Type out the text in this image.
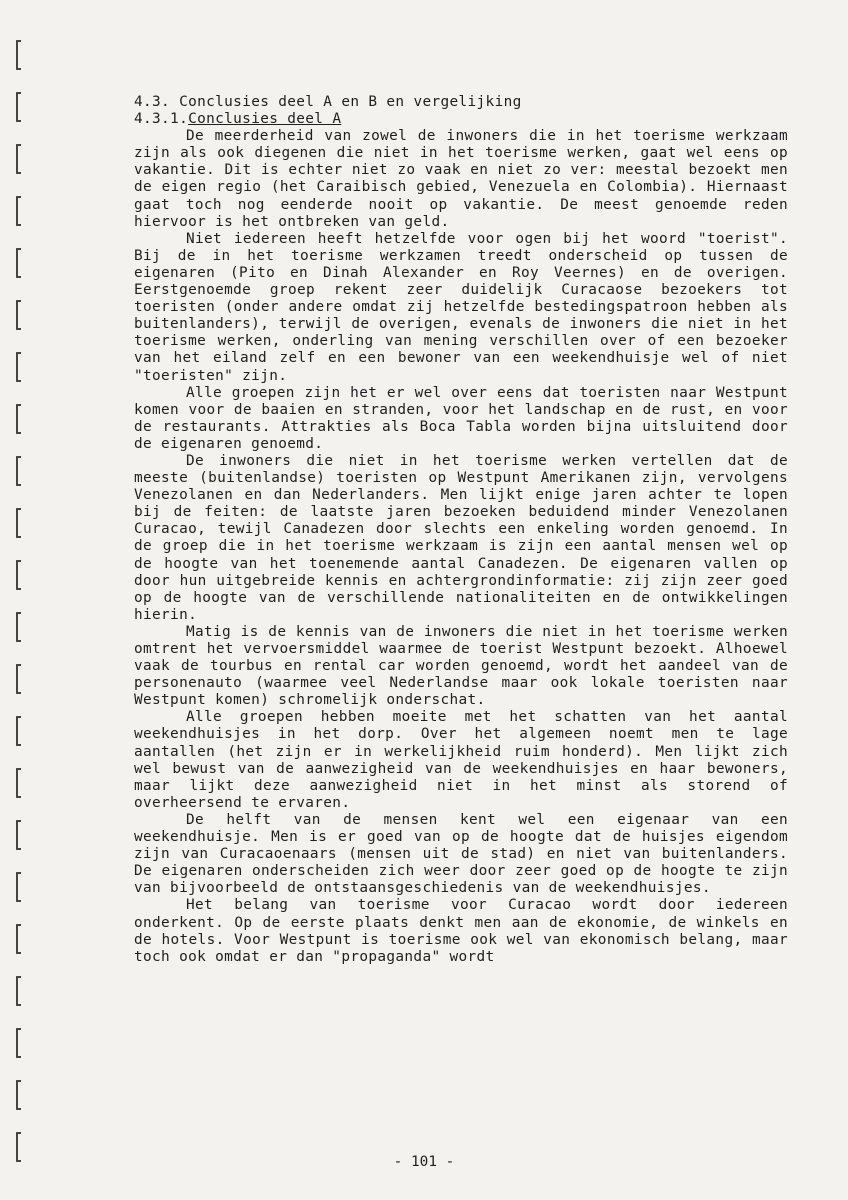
4.3. Conclusies deel A en B en vergelijking
4.3.1.Conclusies deel A

De meerderheid van zowel de inwoners die in het toerisme werkzaam zijn als ook diegenen die niet in het toerisme werken, gaat wel eens op vakantie. Dit is echter niet zo vaak en niet zo ver: meestal bezoekt men de eigen regio (het Caraibisch gebied, Venezuela en Colombia). Hiernaast gaat toch nog eenderde nooit op vakantie. De meest genoemde reden hiervoor is het ontbreken van geld.

Niet iedereen heeft hetzelfde voor ogen bij het woord "toerist". Bij de in het toerisme werkzamen treedt onderscheid op tussen de eigenaren (Pito en Dinah Alexander en Roy Veernes) en de overigen. Eerstgenoemde groep rekent zeer duidelijk Curacaose bezoekers tot toeristen (onder andere omdat zij hetzelfde bestedingspatroon hebben als buitenlanders), terwijl de overigen, evenals de inwoners die niet in het toerisme werken, onderling van mening verschillen over of een bezoeker van het eiland zelf en een bewoner van een weekendhuisje wel of niet "toeristen" zijn.

Alle groepen zijn het er wel over eens dat toeristen naar Westpunt komen voor de baaien en stranden, voor het landschap en de rust, en voor de restaurants. Attrakties als Boca Tabla worden bijna uitsluitend door de eigenaren genoemd.

De inwoners die niet in het toerisme werken vertellen dat de meeste (buitenlandse) toeristen op Westpunt Amerikanen zijn, vervolgens Venezolanen en dan Nederlanders. Men lijkt enige jaren achter te lopen bij de feiten: de laatste jaren bezoeken beduidend minder Venezolanen Curacao, tewijl Canadezen door slechts een enkeling worden genoemd. In de groep die in het toerisme werkzaam is zijn een aantal mensen wel op de hoogte van het toenemende aantal Canadezen. De eigenaren vallen op door hun uitgebreide kennis en achtergrondinformatie: zij zijn zeer goed op de hoogte van de verschillende nationaliteiten en de ontwikkelingen hierin.

Matig is de kennis van de inwoners die niet in het toerisme werken omtrent het vervoersmiddel waarmee de toerist Westpunt bezoekt. Alhoewel vaak de tourbus en rental car worden genoemd, wordt het aandeel van de personenauto (waarmee veel Nederlandse maar ook lokale toeristen naar Westpunt komen) schromelijk onderschat.

Alle groepen hebben moeite met het schatten van het aantal weekendhuisjes in het dorp. Over het algemeen noemt men te lage aantallen (het zijn er in werkelijkheid ruim honderd). Men lijkt zich wel bewust van de aanwezigheid van de weekendhuisjes en haar bewoners, maar lijkt deze aanwezigheid niet in het minst als storend of overheersend te ervaren.

De helft van de mensen kent wel een eigenaar van een weekendhuisje. Men is er goed van op de hoogte dat de huisjes eigendom zijn van Curacaoenaars (mensen uit de stad) en niet van buitenlanders. De eigenaren onderscheiden zich weer door zeer goed op de hoogte te zijn van bijvoorbeeld de ontstaansgeschiedenis van de weekendhuisjes.

Het belang van toerisme voor Curacao wordt door iedereen onderkent. Op de eerste plaats denkt men aan de ekonomie, de winkels en de hotels. Voor Westpunt is toerisme ook wel van ekonomisch belang, maar toch ook omdat er dan "propaganda" wordt

- 101 -
